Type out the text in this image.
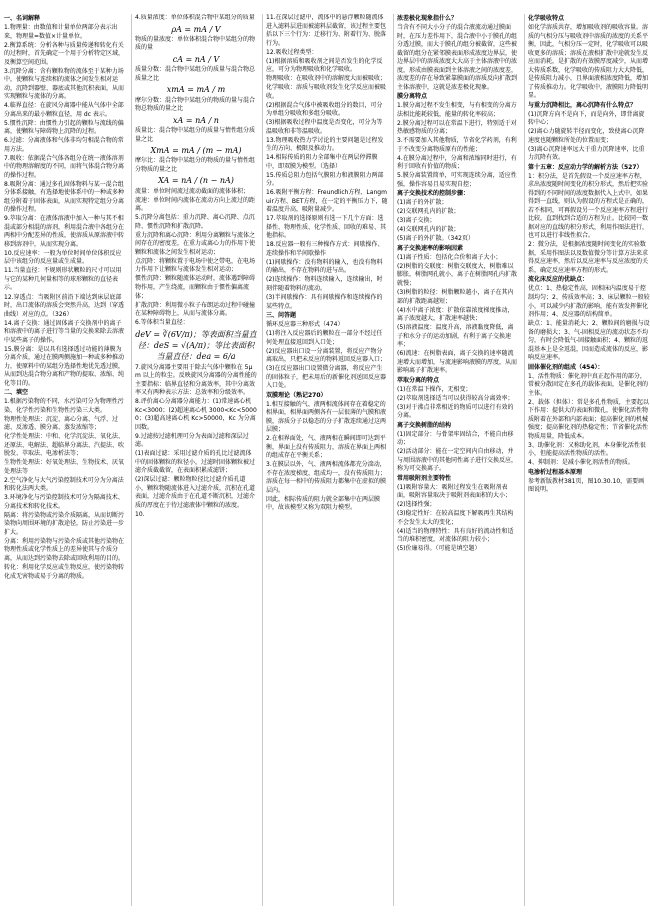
一、名词解释
1.物理量：由数值和计量单位两部分表示出来，物理量=数值×计量单位。
2.衡算系统：分析各种与质量传递和转化有关的过程时，首先确定一个用于分析特定区域，及衡算空间范围。
3.沉降分离：含有颗粒物的流体至于某种力场中，使颗粒与连续相的流体之间发生相对运动，沉降到器壁、器底或其他沉积表面，从而实现颗粒与流体的分离。
4.临界直径：在旋风分离器中能从气体中全部分离出来的最小颗粒直径，用 dc 表示。
5.惯性沉降：由惯性力引起的颗粒与流线的偏离，使颗粒与障碍物上沉降的过程。
6.过滤：分离液体和气体非均匀相混合物的常用方法。
7.吸收：依据混合气体各组分在统一液体溶剂中的物理溶解度的不同，而将气体混合物分离的操作过程。
8.吸附分离：通过多孔固体物料与某一混合组分体系接触，有选择地使体系中的一种或多种组分附着于固体表面，从而实现特定组分分离的操作过程。
9.萃取分离：在液体溶液中加入一种与其不相混或部分相混的溶剂，利用混合液中各组分在两相中分配差异的性质，使溶质从原溶液中转移到溶剂中，从而实现分离。
10.反应速率：一般为单位时间单位体积反应层中该组分的反应量或生成量。
11.当量直径：不规则形状颗粒的尺寸可以用与它的某种几何量相等的球形颗粒的直径表示。
12.穿透点：当吸附区前沿下端达到床层底部时，出口流体的溶质会突然升高，达到（穿透曲线）对应的点。（326）
14.离子交换：通过固体离子交换剂中的离子和溶液中的离子进行等当量的交换来除去溶液中某些离子的操作。
15.膜分离：是以具有选择透过功能的薄膜为分离介质，通过在膜两侧施加一种或多种推动力，使原料中的某组分选择性地优先透过膜，从而到达混合物分离和产物的提取、浓缩、纯化等目的。
二、填空
1.根据污染物的不同，水污染可分为物理性污染、化学性污染和生物性污染三大类。
物理性处理法：沉淀、离心分离、气浮、过滤、反渗透、膜分离、蒸发浓缩等；
化学性处理法：中和、化学沉淀法、氧化法、还原法、电解法、超临界分离法、汽提法、吹脱发、萃取法、电渗析法等；
生物性处理法：好氧处理法、生物技术、厌氧处理法等
2.空气净化与大气污染控制技术可分为分离法和转化法两大类。
3.环境净化与污染控制技术可分为隔离技术、分离技术和转化技术。
隔离：将污染物或污染介质隔离，从而切断污染物向周围环境的扩散途径，防止污染进一步扩大。
分离：利用污染物与污染介质或其他污染物在物理性质或化学性质上的差异使其与介质分离，从而达到污染物去除或回收利用的目的。
转化：利用化学反应或生物反应，使污染物转化成无害物或易于分离的物质。
4.质量浓度：单位体积混合物中某组分的质量
ρA = mA / V
物质的量浓度：单位体积混合物中某组分的物质的量
cA = nA / V
质量分数：混合物中某组分的质量与混合物总质量之比
xmA = mA / m
摩尔分数：混合物中某组分的物质的量与混合物总物质的量之比
xA = nA / n
质量比：混合物中某组分的质量与惰性组分质量之比
XmA = mA / (m − mA)
摩尔比：混合物中某组分的物质的量与惰性组分物质的量之比
XA = nA / (n − nA)
流量：单位时间流过流动截面的流体体积；
流速：单位时间内流体在流动方向上流过的距离。
5.沉降分离包括：重力沉降、离心沉降、点沉降、惯性沉降和扩散沉降。
重力沉降和离心沉降：利用分离颗粒与流体之间存在的密度差，在重力或离心力的作用下使颗粒和流体之间发生相对运动；
点沉降：将颗粒置于电场中使之带电，在电场力作用下让颗粒与流体发生相对运动；
惯性沉降：颗粒随流体运动时，流体遇到障碍物作用，产生绕流，而颗粒由于惯性偏离流体；
扩散沉降：利用微小粒子布朗运动过程中碰撞在某种障碍物上，从而与流体分离。
6.等体积当量直径：
deV = ∛(6V/π)；等表面积当量直径：deS = √(A/π)；等比表面积当量直径：dea = 6/a
7.旋风分离器主要用于除去气体中颗粒在 5μm 以上的粒尘。反映旋风分离器的分离性能的主要指标：临界直径和分离效率，其中分离效率又有两种表示方法：总效率和分级效率。
8.评价离心分离器分离能力：(1)常速离心机 Kc<3000；(2)超速离心机 3000<Kc<50000；(3)超高速离心机 Kc>50000，Kc 为分离因数。
9.过滤按过滤机理可分为表面过滤和深层过滤。
(1)表面过滤：采用过滤介质的孔比过滤流体中的固体颗粒的粒径小，过滤时固体颗粒被过滤介质截截留，在表面积累成滤饼；
(2)深层过滤：颗粒物粒径比过滤介质孔道小，颗粒物随流体进入过滤介质，沉积在孔道表面，过滤介质由于在孔道不断沉积，过滤介质的厚度在于待过滤液体中颗粒的浓度。
10.
11.在深层过滤中，流体中的悬浮颗粒随流体进入滤料层进而被滤料层截留，该过程主要包括以下三个行为：迁移行为、附着行为、脱落行为。
12.吸收过程类型：
(1)根据溶质和吸收剂之间是否发生的化学反应，可分为物理吸收和化学吸收。
物理吸收：在吸收剂中的溶解度大而被吸收；
化学吸收：溶质与吸收剂发生化学反应而被吸收。
(2)根据混合气体中被吸收组分的数目，可分为单组分吸收和多组分吸收。
(3)根据吸收过程中温度是否变化，可分为等温吸收和非等温吸收。
13.物理吸收热力学讨论的主要问题是过程发生的方向、极限及推动力。
14.相际传质的阻力全部集中在两层停滞膜中，即双膜为模型。（选择）
15.传质总阻力包括气膜阻力和液膜阻力两部分。
16.吸附平衡方程：Freundlich方程、Langmuir方程、BET方程，在一定的平衡压力下，随着温度升高，吸附量减少。
17.萃取剂的选择原则有选一下几个方面：选择性、物理性质、化学性质、回收的难易、其他指标。
18.反应器一般有三种操作方式：间歇操作、连续操作和半间歇操作
(1)间歇操作：没有物料的输入，也没有物料的输出，不存在物料的进与出。
(2)连续操作：物料连续输入，连续输出，时刻伴随着物料的流动。
(3)半间歇操作：具有间歇操作和连续操作的某些特点。
三、问答题
循环反应器三种形式（474）
(1)将注入反应器后的颗粒在一部分不经过任何处理直接返回到入口处；
(2)反应器出口设一分离装置，将反应产物分离取出，只把未反应的物料返回反应器入口；
(3)在反应器出口设置微分离器，将反应产生的固体粒子，把未用后的新催化剂送回反应器入口处。
双膜理论（熟记270）
1.相互接触的气、液两相流体间存在着稳定的相界面，相界面两侧各有一层很薄的气膜和液膜，溶质分子以稳态的分子扩散连续通过这两层膜；
2.在相界面处，气、液两相在瞬间即可达到平衡，界面上没有传质阻力，溶质在界面上两相的组成存在平衡关系；
3.在膜层以外，气、液两相流体都充分湍动，不存在浓度梯度，组成均一，没有传质阻力；溶质在每一相中的传质阻力都集中在虚拟的膜层内。
因此，相际传质的阻力就全部集中在两层膜中，故该模型又称为双阻力模型。
浓差极化现象指什么？
当含有不同大小分子的混合液流动通过膜面时，在压力差作用下，混合液中小于膜孔的组分透过膜，而大于膜孔的组分被截留，这些被截留的组分在紧邻膜表面形成浓度边界层，使边界层中的溶质浓度大大高于主体溶液中的浓度，形成由膜表面到主体溶液之间的浓度差，浓度差的存在导致紧靠膜面的溶质反向扩散到主体溶液中，这就是浓差极化现象。
膜分离特点
1.膜分离过程不发生相变，与有相变的分离方法相比能耗较低，能量的转化率较高；
2.膜分离过程可以在常温下进行，特别适于对热敏感物质的分离；
3.不需要加入其他物质，节省化学药剂，有利于不改变分离物质原有的性能；
4.在膜分离过程中，分离和浓缩同时进行，有利于回收有价值的物质；
5.膜分离装置简单，可实现连续分离，适应性强，操作容易且易实现自控；
离子交换技术的控制步骤：
(1)离子的外扩散；
(2)交联网孔内的扩散；
(3)离子交换；
(4)交联网孔内的扩散；
(5)离子的外扩散。（342页）
离子交换速率的影响因素
(1)离子性质：包括化合价和离子大小；
(2)树脂的交联度：树脂交联度大，树脂难以膨胀，树脂网孔就小，离子在树脂网孔内扩散就慢；
(3)树脂的粒径：树脂颗粒越小，离子在其内部的扩散距离越短；
(4)水中离子浓度：扩散依靠浓度梯度推动，离子浓度越大，扩散速率越快；
(5)溶液温度：温度升高，溶液黏度降低，离子和水分子的运动加剧，有利于离子交换速率；
(6)流速：在树脂表面，离子交换的速率随流速增大而增加，与流速影响液膜的厚度，从而影响离子扩散速率。
萃取分离的特点
(1)在常温下操作，无相变；
(2)萃取剂选择适当可以获得较高分离效率；
(3)对于沸点非常相近的物质可以进行有效的分离。
离子交换树脂的结构
(1)固定部分：与骨架牢固结合，不能自由移动；
(2)活动部分：能在一定空间内自由移动，并与周围溶液中的其他同性离子进行交换反应，称为可交换离子。
常用吸附剂主要特性
(1)吸附容量大：吸附过程发生在吸附剂表面，吸附容量取决于吸附剂表面积的大小；
(2)选择性强；
(3)稳定性好：在较高温度下解吸再生其结构不会发生太大的变化；
(4)适当的物理特性：具有良好的流动性和适当的堆积密度，对流体的阻力较小；
(5)价廉易得。（可能是填空题）
化学吸收特点
如化学溶质共存，增加吸收剂的吸收容量。溶质的气相分压与吸收剂中溶质的浓度的关系平衡，因此，气相分压一定时，化学吸收可以吸收更多的溶质；溶质在液相扩散中途就发生反应而消耗，是扩散的有效膜厚度减少，从而增大传质系数，化学吸收的传质阻力大大降低，是传质阻力减小，且界面液相浓度降低，增加了传质推动力。化学吸收中，液膜阻力降低明显。
与重力沉降相比，离心沉降有什么特点？
(1)沉降方向不是向下，而是向外，即背离旋转中心；
(2)离心力随旋转半径而变化，致使离心沉降速度也随颗粒所处的位置而变；
(3)离心沉降速率远大于重力沉降速率，比重力沉降有效。
第十五章：反应动力学的解析方法（527）
1：积分法，是首先假设一个反应速率方程，求出浓度随时间变化的积分形式，然后把实验得到的不同时间的浓度数据代入上式中，如果得到一直线，则认为假设的方程式是正确的，若不相同，可再假设另一个反应速率方程进行比较，直到找到合适的方程为止。比较同一数据对应的直线的积分形式，利用作图法进行，也可以进行非线性拟合。
2：微分法，是根据浓度随时间变化的实验数据，采用作图法以及数值微分等计算方法来求得反应速率，然后以反应速率与反应浓度的关系，确定反应速率方程的形式。
流化床反应的优缺点：
优点：1、热稳定性高，固相床内温度易于控制均匀；2、传质效率高；3、床层颗粒一般较小，可以减少内扩散的影响，能有效发挥催化剂作用；4、反应器的结构简单。
缺点：1、能量消耗大；2、颗粒间的磨损与设备的磨损大；3、气-固相反应的流动状态不均匀，有时会降低气-固接触面积；4、颗粒的返混基本上是全返混，因而造成流体的反应，影响反应速率。
固体催化剂的组成（454）：
1、活性物质：催化剂中真正起作用的部分，常被分散固定在多孔的载体表面，是催化剂的主体。
2、载体（担体）：常是多孔性物质，主要起以下作用：提供大的表面和微孔，使催化活性物质附着在外部和内部表面；提高催化剂的机械强度；提高催化剂的热稳定性；节省催化活性物质用量，降低成本。
3、助催化剂：又称助化剂，本身催化活性很小，但能提高活性物质的活性。
4、抑制剂：是减小催化剂活性的物质。
电渗析过程基本原理
参考新版教材381页，图10.30.10，需要画图说明。
